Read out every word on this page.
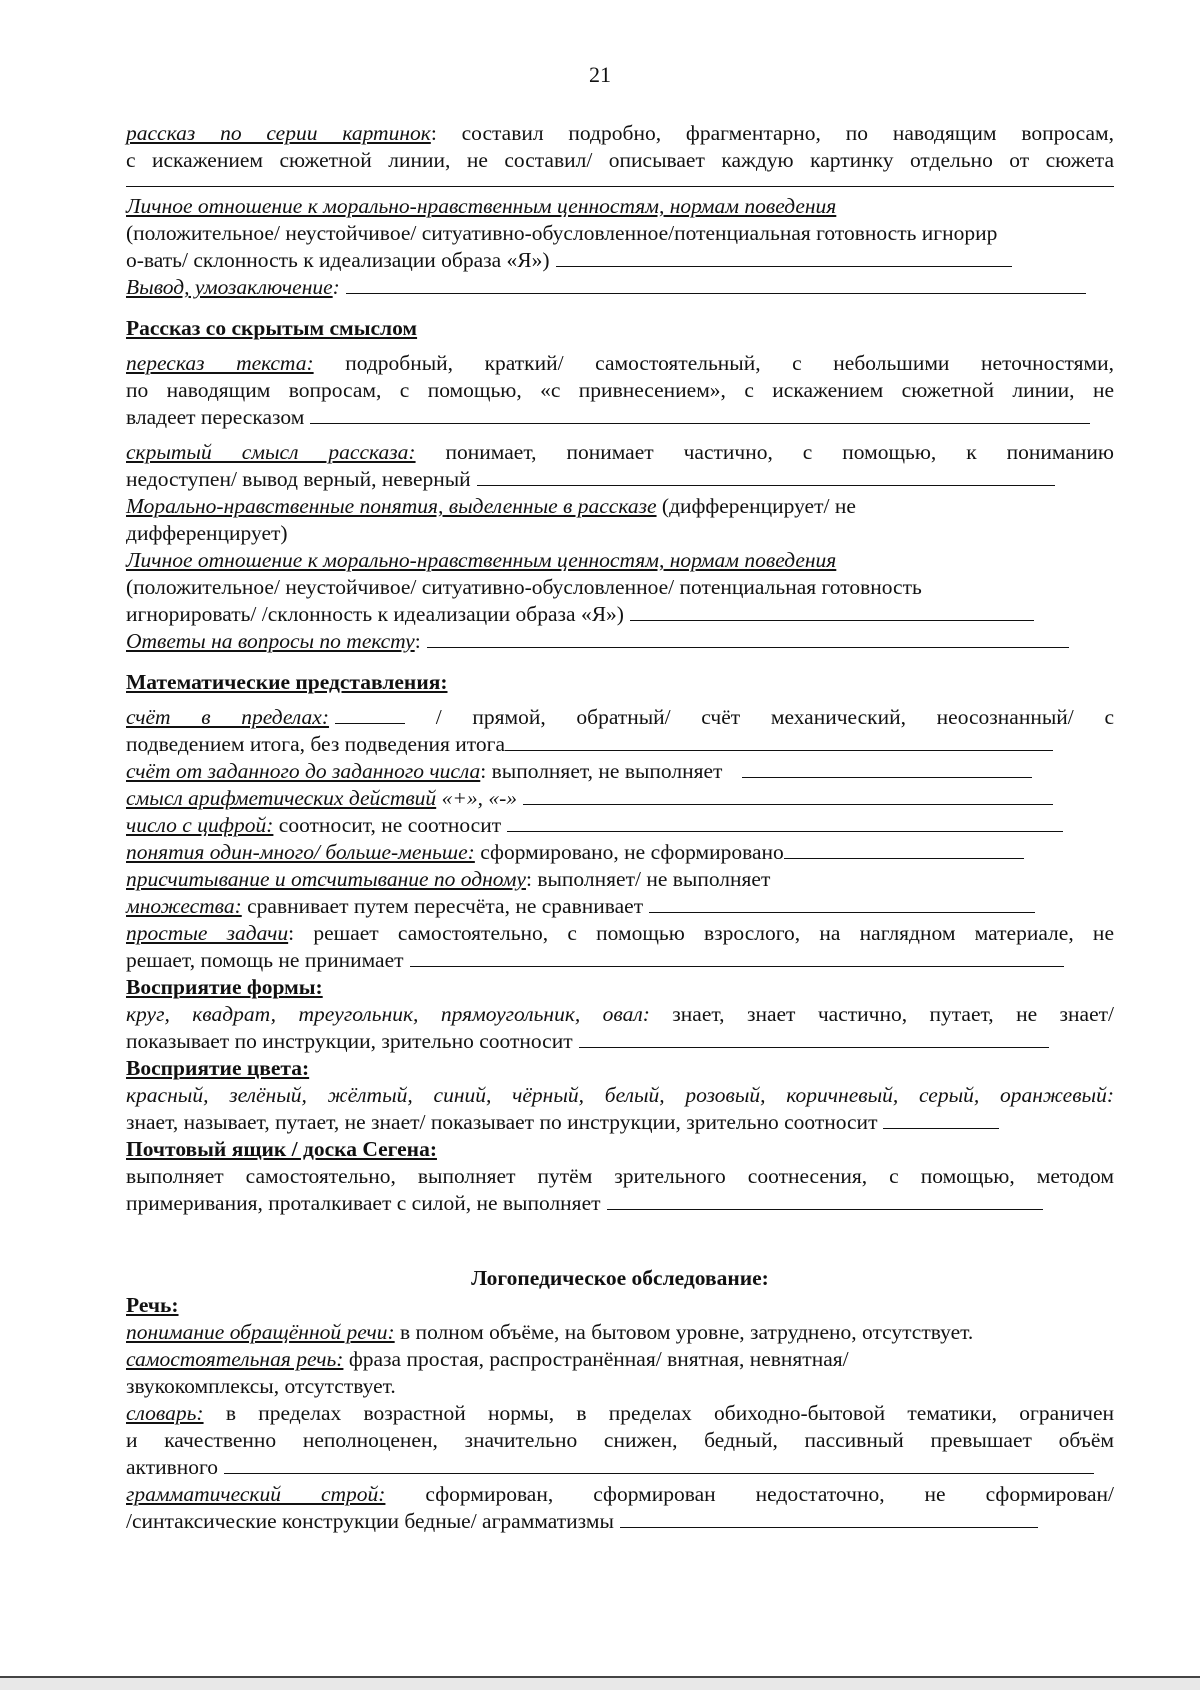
21

рассказ по серии картинок: составил подробно, фрагментарно, по наводящим вопросам,

с искажением сюжетной линии, не составил/ описывает каждую картинку отдельно от сюжета

Личное отношение к морально-нравственным ценностям, нормам поведения

(положительное/ неустойчивое/ ситуативно-обусловленное/потенциальная готовность игнорир

о-вать/ склонность к идеализации образа «Я»)

Вывод, умозаключение:

Рассказ со скрытым смыслом

пересказ текста: подробный, краткий/ самостоятельный, с небольшими неточностями,

по наводящим вопросам, с помощью, «с привнесением», с искажением сюжетной линии, не

владеет пересказом

скрытый смысл рассказа: понимает, понимает частично, с помощью, к пониманию

недоступен/ вывод верный, неверный

Морально-нравственные понятия, выделенные в рассказе (дифференцирует/ не

дифференцирует)

Личное отношение к морально-нравственным ценностям, нормам поведения

(положительное/ неустойчивое/ ситуативно-обусловленное/ потенциальная готовность

игнорировать/ /склонность к идеализации образа «Я»)

Ответы на вопросы по тексту:

Математические представления:

счёт в пределах:	/ прямой, обратный/ счёт механический, неосознанный/ с

подведением итога, без подведения итога

счёт от заданного до заданного числа: выполняет, не выполняет

смысл арифметических действий «+», «-»

число с цифрой: соотносит, не соотносит

понятия один-много/ больше-меньше: сформировано, не сформировано

присчитывание и отсчитывание по одному: выполняет/ не выполняет

множества: сравнивает путем пересчёта, не сравнивает

простые задачи: решает самостоятельно, с помощью взрослого, на наглядном материале, не

решает, помощь не принимает

Восприятие формы:

круг, квадрат, треугольник, прямоугольник, овал: знает, знает частично, путает, не знает/

показывает по инструкции, зрительно соотносит

Восприятие цвета:

красный, зелёный, жёлтый, синий, чёрный, белый, розовый, коричневый, серый, оранжевый:

знает, называет, путает, не знает/ показывает по инструкции, зрительно соотносит

Почтовый ящик / доска Сегена:

выполняет самостоятельно, выполняет путём зрительного соотнесения, с помощью, методом

примеривания, проталкивает с силой, не выполняет

Логопедическое обследование:

Речь:

понимание обращённой речи: в полном объёме, на бытовом уровне, затруднено, отсутствует.

самостоятельная речь: фраза простая, распространённая/ внятная, невнятная/

звукокомплексы, отсутствует.

словарь: в пределах возрастной нормы, в пределах обиходно-бытовой тематики, ограничен

и качественно неполноценен, значительно снижен, бедный, пассивный превышает объём

активного

грамматический строй: сформирован, сформирован недостаточно, не сформирован/

/синтаксические конструкции бедные/ аграмматизмы
